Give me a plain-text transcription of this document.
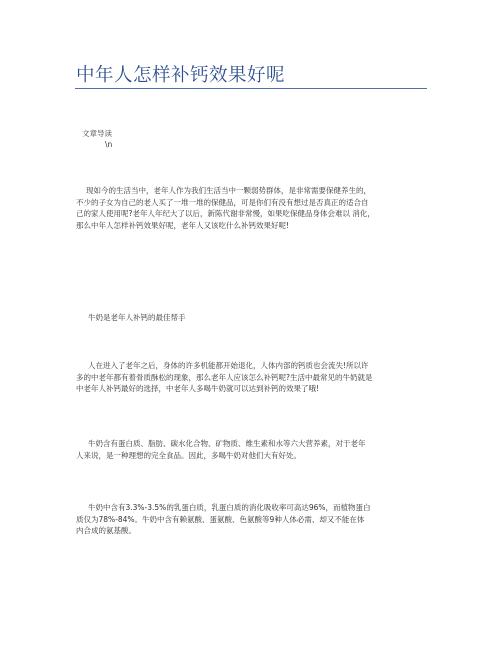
中年人怎样补钙效果好呢
文章导读
\n

现如今的生活当中，老年人作为我们生活当中一颗弱势群体，是非常需要保健养生的，
不少的子女为自己的老人买了一堆一堆的保健品，可是你们有没有想过是否真正的适合自
己的家人使用呢?老年人年纪大了以后，新陈代谢非常慢，如果吃保健品身体会难以 消化，
那么中年人怎样补钙效果好呢，老年人又该吃什么补钙效果好呢!

牛奶是老年人补钙的最佳帮手

人在进入了老年之后，身体的许多机能都开始退化，人体内部的钙质也会流失!所以许
多的中老年都有着骨质酥松的现象，那么老年人应该怎么补钙呢?生活中最常见的牛奶就是
中老年人补钙最好的选择，中老年人多喝牛奶就可以达到补钙的效果了哦!

牛奶含有蛋白质、脂肪、碳水化合物、矿物质、维生素和水等六大营养素，对于老年
人来说，是一种理想的完全食品。因此，多喝牛奶对他们大有好处。

牛奶中含有3.3%-3.5%的乳蛋白质，乳蛋白质的消化吸收率可高达96%，而植物蛋白
质仅为78%-84%。牛奶中含有赖氨酸、蛋氨酸、色氨酸等9种人体必需、却又不能在体
内合成的氨基酸。
